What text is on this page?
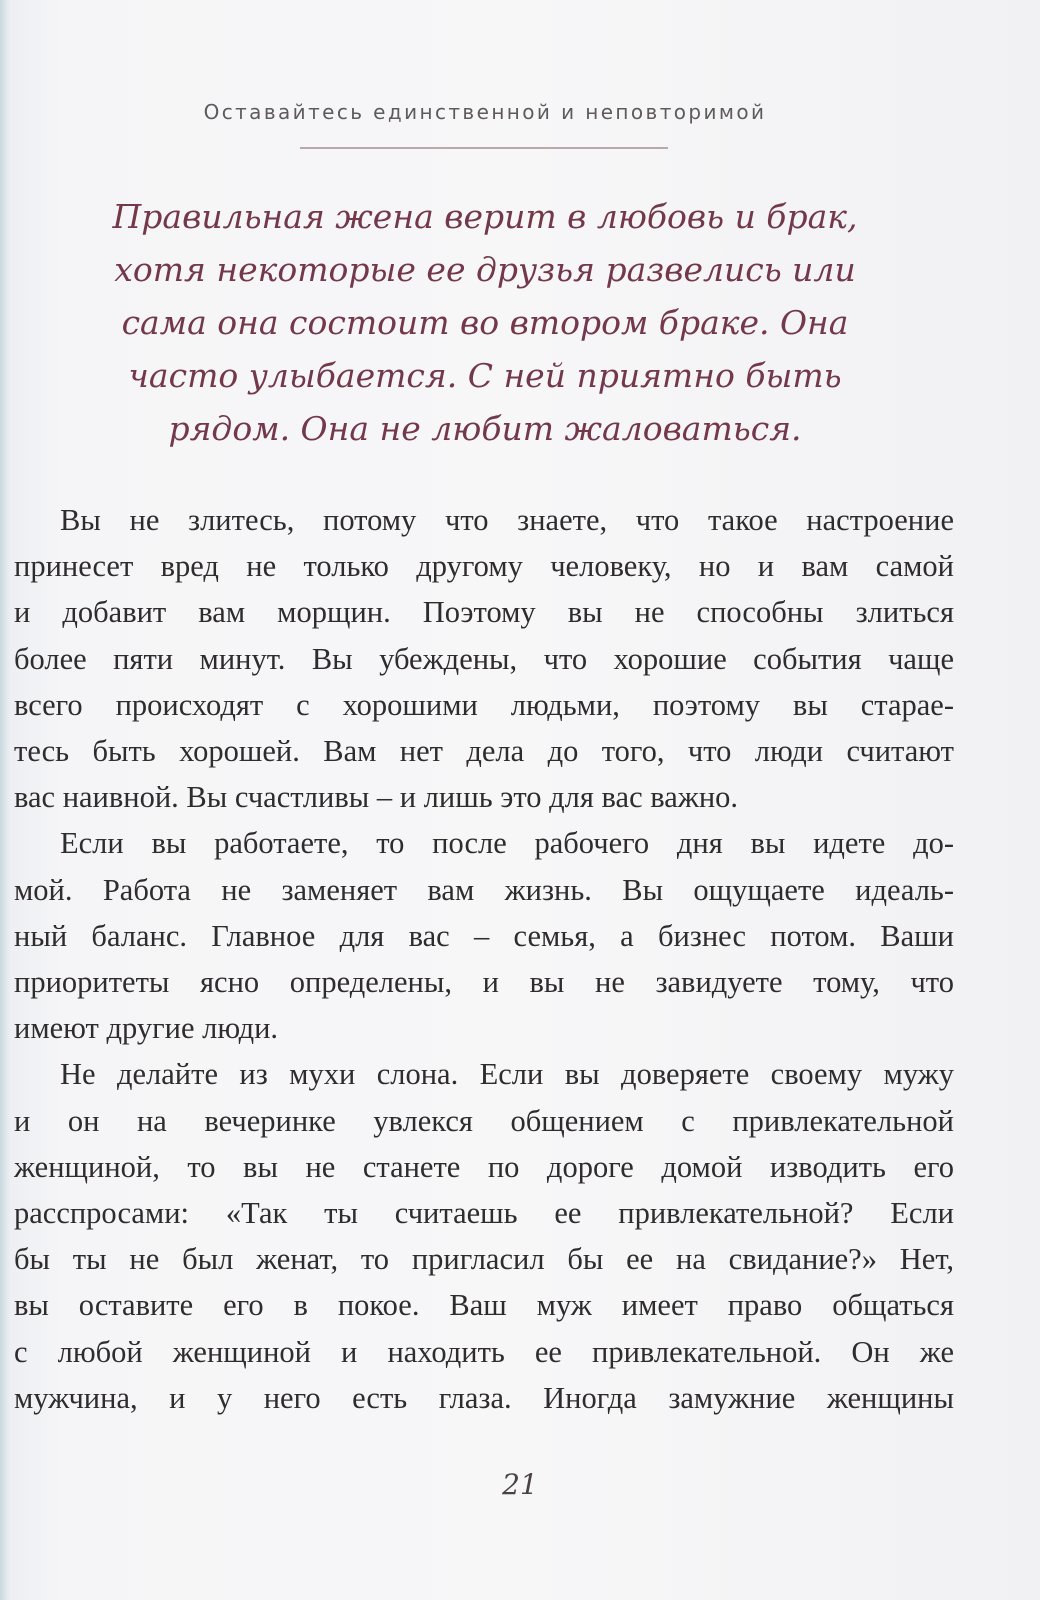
Оставайтесь единственной и неповторимой
Правильная жена верит в любовь и брак,
хотя некоторые ее друзья развелись или
сама она состоит во втором браке. Она
часто улыбается. С ней приятно быть
рядом. Она не любит жаловаться.
Вы не злитесь, потому что знаете, что такое настроение
принесет вред не только другому человеку, но и вам самой
и добавит вам морщин. Поэтому вы не способны злиться
более пяти минут. Вы убеждены, что хорошие события чаще
всего происходят с хорошими людьми, поэтому вы старае-
тесь быть хорошей. Вам нет дела до того, что люди считают
вас наивной. Вы счастливы – и лишь это для вас важно.
Если вы работаете, то после рабочего дня вы идете до-
мой. Работа не заменяет вам жизнь. Вы ощущаете идеаль-
ный баланс. Главное для вас – семья, а бизнес потом. Ваши
приоритеты ясно определены, и вы не завидуете тому, что
имеют другие люди.
Не делайте из мухи слона. Если вы доверяете своему мужу
и он на вечеринке увлекся общением с привлекательной
женщиной, то вы не станете по дороге домой изводить его
расспросами: «Так ты считаешь ее привлекательной? Если
бы ты не был женат, то пригласил бы ее на свидание?» Нет,
вы оставите его в покое. Ваш муж имеет право общаться
с любой женщиной и находить ее привлекательной. Он же
мужчина, и у него есть глаза. Иногда замужние женщины
21
